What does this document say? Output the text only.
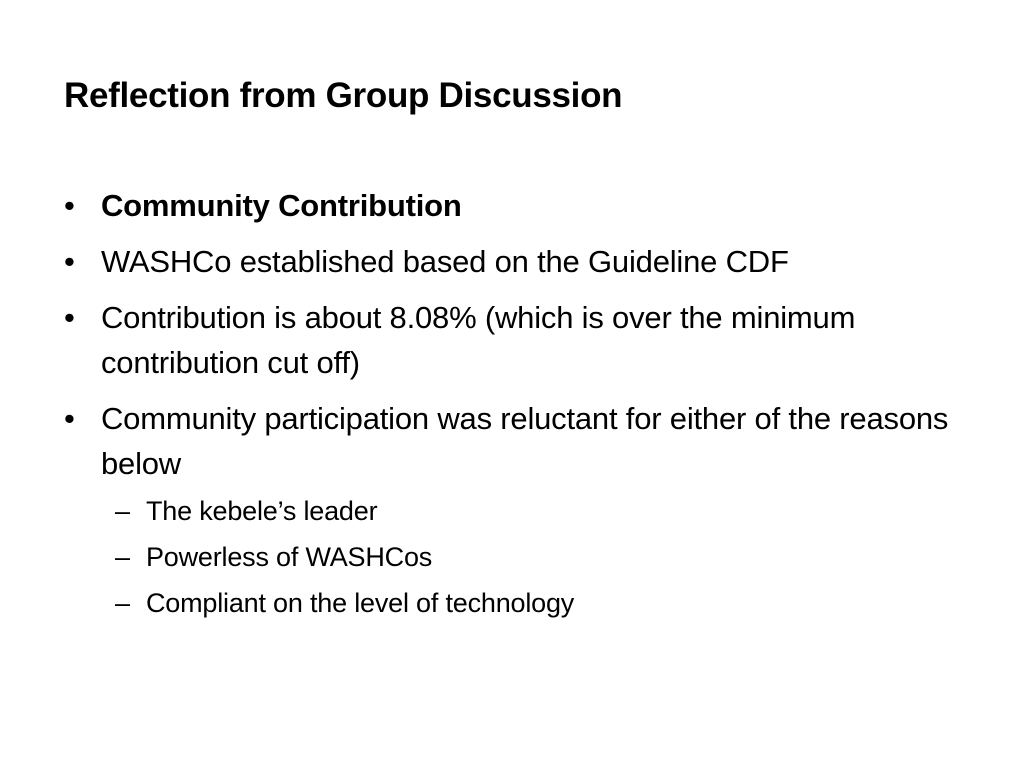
Reflection from Group Discussion
• Community Contribution
• WASHCo established based on the Guideline CDF
• Contribution is about 8.08% (which is over the minimum contribution cut off)
• Community participation was reluctant for either of the reasons below
– The kebele’s leader
– Powerless of WASHCos
– Compliant on the level of technology
